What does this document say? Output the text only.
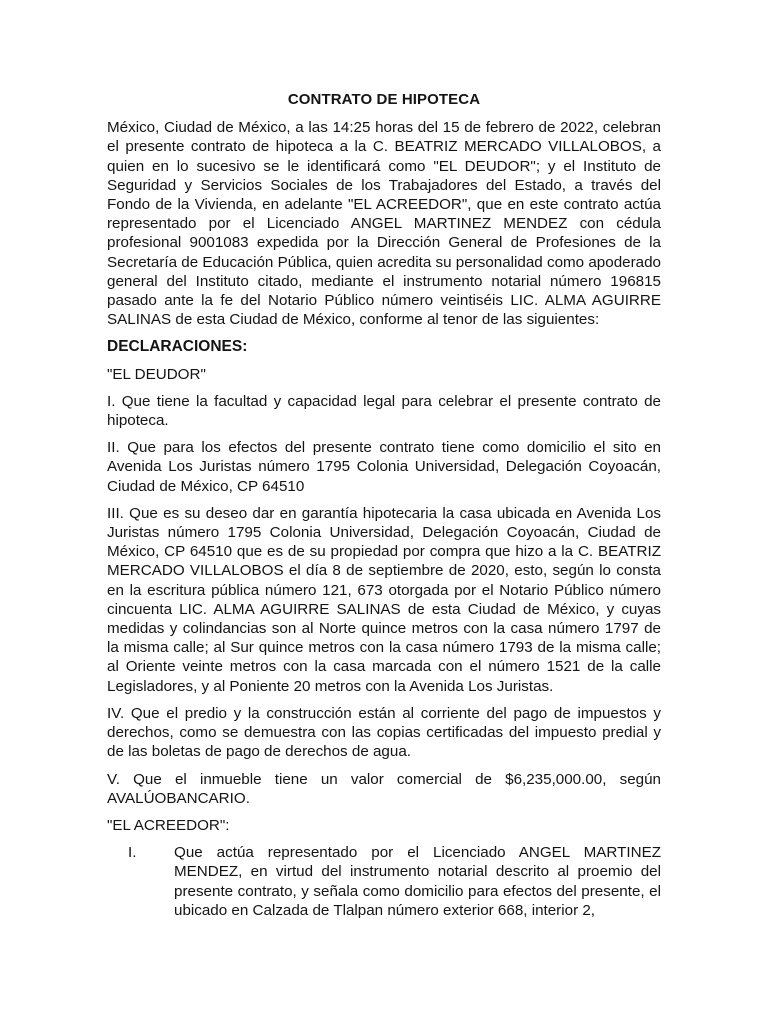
CONTRATO DE HIPOTECA

México, Ciudad de México, a las 14:25 horas del 15 de febrero de 2022, celebran el presente contrato de hipoteca a la C. BEATRIZ MERCADO VILLALOBOS, a quien en lo sucesivo se le identificará como "EL DEUDOR"; y el Instituto de Seguridad y Servicios Sociales de los Trabajadores del Estado, a través del Fondo de la Vivienda, en adelante "EL ACREEDOR", que en este contrato actúa representado por el Licenciado ANGEL MARTINEZ MENDEZ con cédula profesional 9001083 expedida por la Dirección General de Profesiones de la Secretaría de Educación Pública, quien acredita su personalidad como apoderado general del Instituto citado, mediante el instrumento notarial número 196815 pasado ante la fe del Notario Público número veintiséis LIC. ALMA AGUIRRE SALINAS de esta Ciudad de México, conforme al tenor de las siguientes:

DECLARACIONES:

"EL DEUDOR"

I. Que tiene la facultad y capacidad legal para celebrar el presente contrato de hipoteca.

II. Que para los efectos del presente contrato tiene como domicilio el sito en Avenida Los Juristas número 1795 Colonia Universidad, Delegación Coyoacán, Ciudad de México, CP 64510

III. Que es su deseo dar en garantía hipotecaria la casa ubicada en Avenida Los Juristas número 1795 Colonia Universidad, Delegación Coyoacán, Ciudad de México, CP 64510 que es de su propiedad por compra que hizo a la C. BEATRIZ MERCADO VILLALOBOS el día 8 de septiembre de 2020, esto, según lo consta en la escritura pública número 121, 673 otorgada por el Notario Público número cincuenta LIC. ALMA AGUIRRE SALINAS de esta Ciudad de México, y cuyas medidas y colindancias son al Norte quince metros con la casa número 1797 de la misma calle; al Sur quince metros con la casa número 1793 de la misma calle; al Oriente veinte metros con la casa marcada con el número 1521 de la calle Legisladores, y al Poniente 20 metros con la Avenida Los Juristas.

IV. Que el predio y la construcción están al corriente del pago de impuestos y derechos, como se demuestra con las copias certificadas del impuesto predial y de las boletas de pago de derechos de agua.

V. Que el inmueble tiene un valor comercial de $6,235,000.00, según AVALÚOBANCARIO.

"EL ACREEDOR":

I.	Que actúa representado por el Licenciado ANGEL MARTINEZ MENDEZ, en virtud del instrumento notarial descrito al proemio del presente contrato, y señala como domicilio para efectos del presente, el ubicado en Calzada de Tlalpan número exterior 668, interior 2,
